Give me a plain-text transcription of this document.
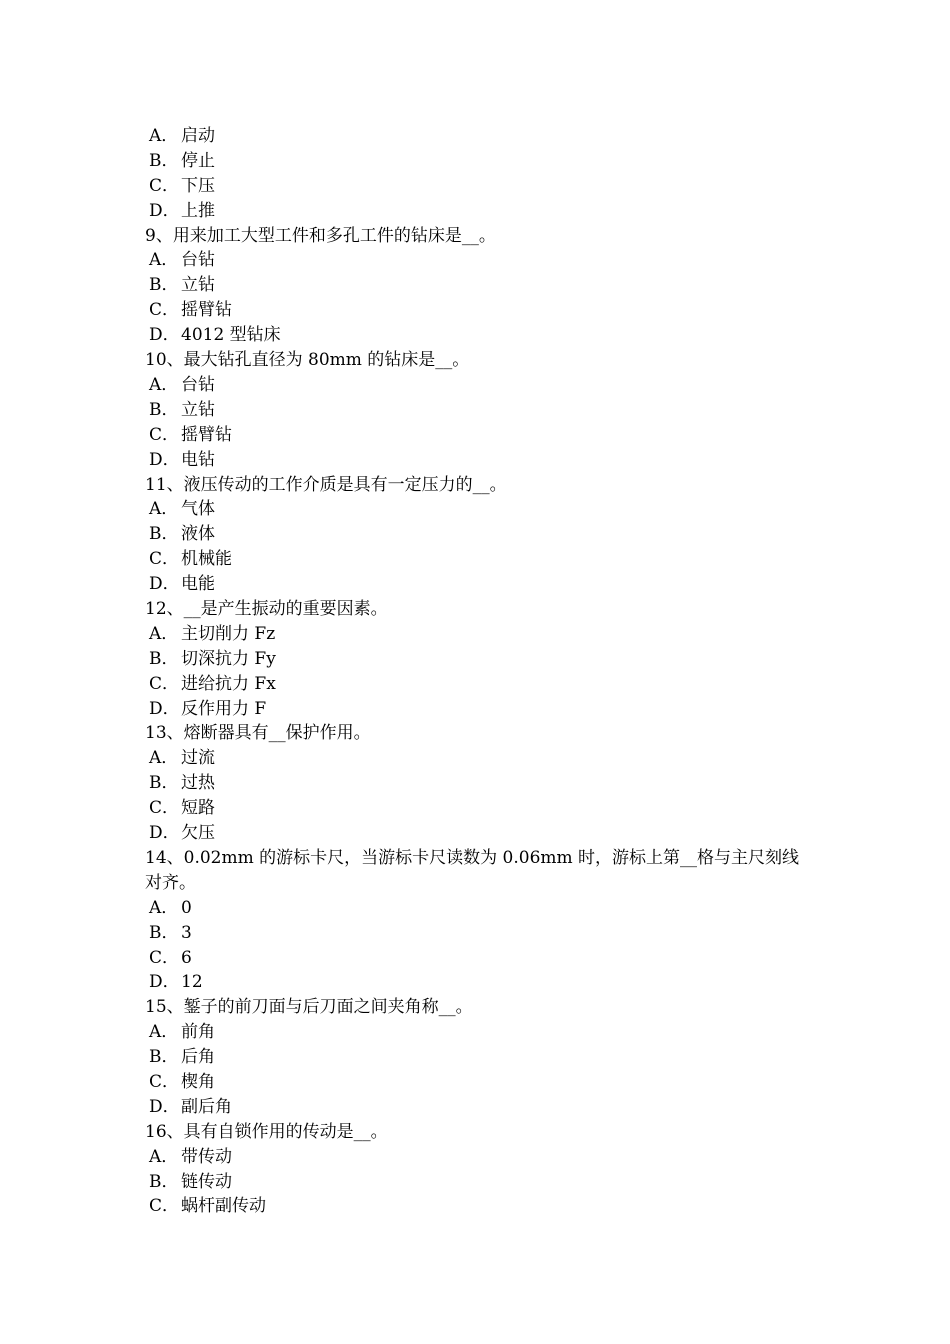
A． 启动
B． 停止
C． 下压
D．上推
9、用来加工大型工件和多孔工件的钻床是__。
A． 台钻
B． 立钻
C． 摇臂钻
D．4012 型钻床
10、最大钻孔直径为 80mm 的钻床是__。
A． 台钻
B． 立钻
C． 摇臂钻
D．电钻
11、液压传动的工作介质是具有一定压力的__。
A． 气体
B． 液体
C． 机械能
D．电能
12、__是产生振动的重要因素。
A． 主切削力 Fz
B． 切深抗力 Fy
C． 进给抗力 Fx
D．反作用力 F
13、熔断器具有__保护作用。
A． 过流
B． 过热
C． 短路
D．欠压
14、0.02mm 的游标卡尺，当游标卡尺读数为 0.06mm 时，游标上第__格与主尺刻线对齐。
A． 0
B． 3
C． 6
D．12
15、錾子的前刀面与后刀面之间夹角称__。
A． 前角
B． 后角
C． 楔角
D．副后角
16、具有自锁作用的传动是__。
A． 带传动
B． 链传动
C． 蜗杆副传动
